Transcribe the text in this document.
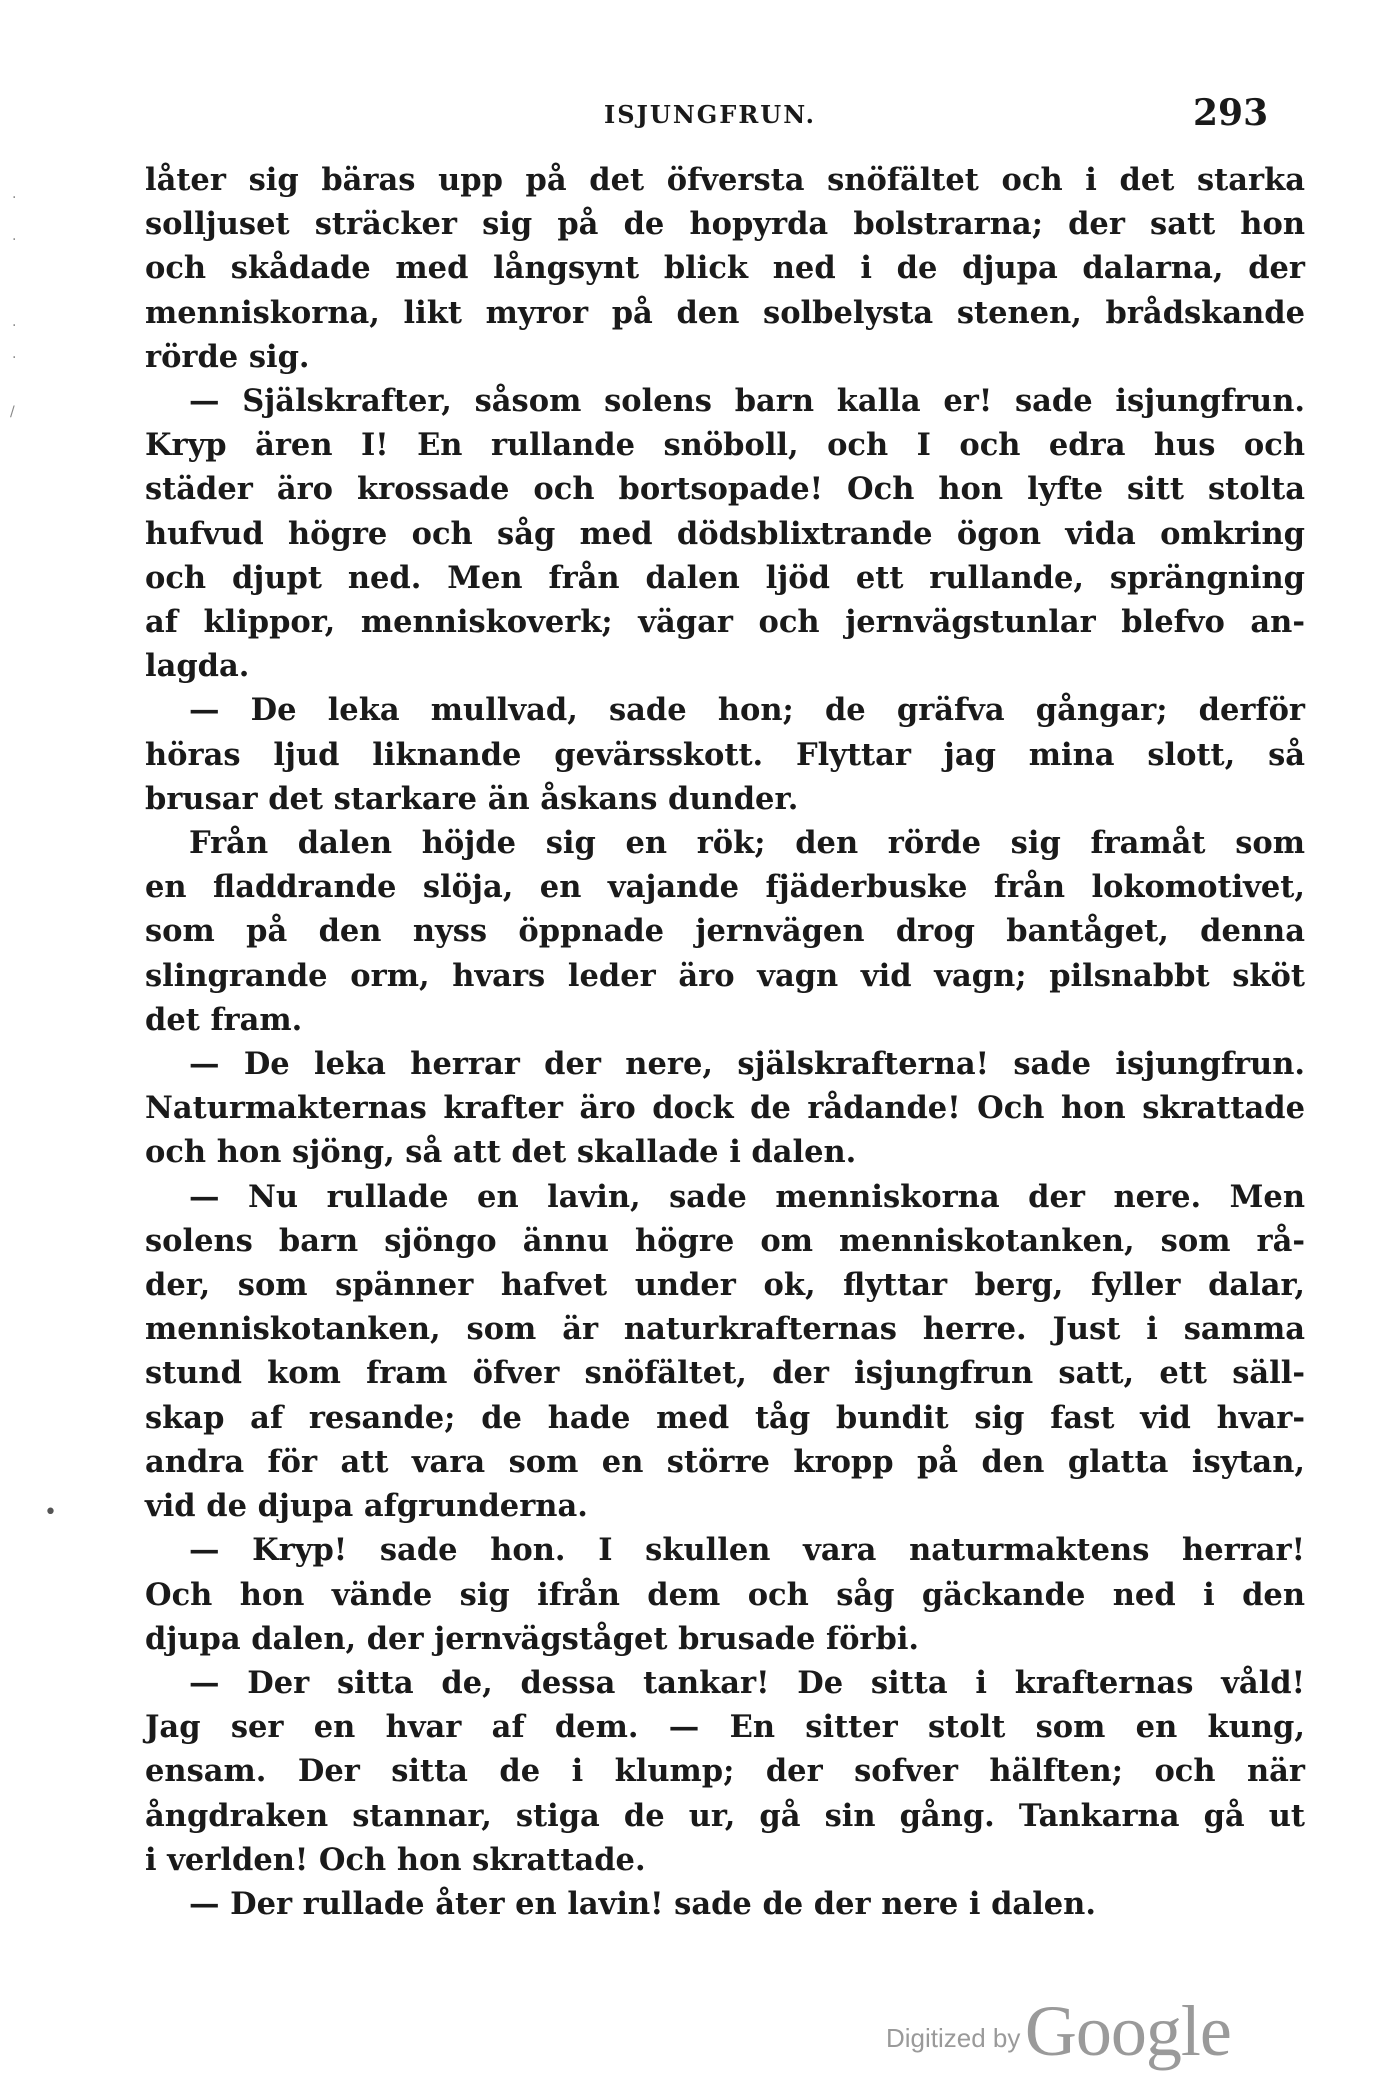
ISJUNGFRUN.	293
·
·
·
·
/
•
låter sig bäras upp på det öfversta snöfältet och i det starka
solljuset sträcker sig på de hopyrda bolstrarna; der satt hon
och skådade med långsynt blick ned i de djupa dalarna, der
menniskorna, likt myror på den solbelysta stenen, brådskande
rörde sig.
— Själskrafter, såsom solens barn kalla er! sade isjungfrun.
Kryp ären I! En rullande snöboll, och I och edra hus och
städer äro krossade och bortsopade! Och hon lyfte sitt stolta
hufvud högre och såg med dödsblixtrande ögon vida omkring
och djupt ned. Men från dalen ljöd ett rullande, sprängning
af klippor, menniskoverk; vägar och jernvägstunlar blefvo an-
lagda.
— De leka mullvad, sade hon; de gräfva gångar; derför
höras ljud liknande gevärsskott. Flyttar jag mina slott, så
brusar det starkare än åskans dunder.
Från dalen höjde sig en rök; den rörde sig framåt som
en fladdrande slöja, en vajande fjäderbuske från lokomotivet,
som på den nyss öppnade jernvägen drog bantåget, denna
slingrande orm, hvars leder äro vagn vid vagn; pilsnabbt sköt
det fram.
— De leka herrar der nere, själskrafterna! sade isjungfrun.
Naturmakternas krafter äro dock de rådande! Och hon skrattade
och hon sjöng, så att det skallade i dalen.
— Nu rullade en lavin, sade menniskorna der nere. Men
solens barn sjöngo ännu högre om menniskotanken, som rå-
der, som spänner hafvet under ok, flyttar berg, fyller dalar,
menniskotanken, som är naturkrafternas herre. Just i samma
stund kom fram öfver snöfältet, der isjungfrun satt, ett säll-
skap af resande; de hade med tåg bundit sig fast vid hvar-
andra för att vara som en större kropp på den glatta isytan,
vid de djupa afgrunderna.
— Kryp! sade hon. I skullen vara naturmaktens herrar!
Och hon vände sig ifrån dem och såg gäckande ned i den
djupa dalen, der jernvägståget brusade förbi.
— Der sitta de, dessa tankar! De sitta i krafternas våld!
Jag ser en hvar af dem. — En sitter stolt som en kung,
ensam. Der sitta de i klump; der sofver hälften; och när
ångdraken stannar, stiga de ur, gå sin gång. Tankarna gå ut
i verlden! Och hon skrattade.
— Der rullade åter en lavin! sade de der nere i dalen.
Digitized by Google
